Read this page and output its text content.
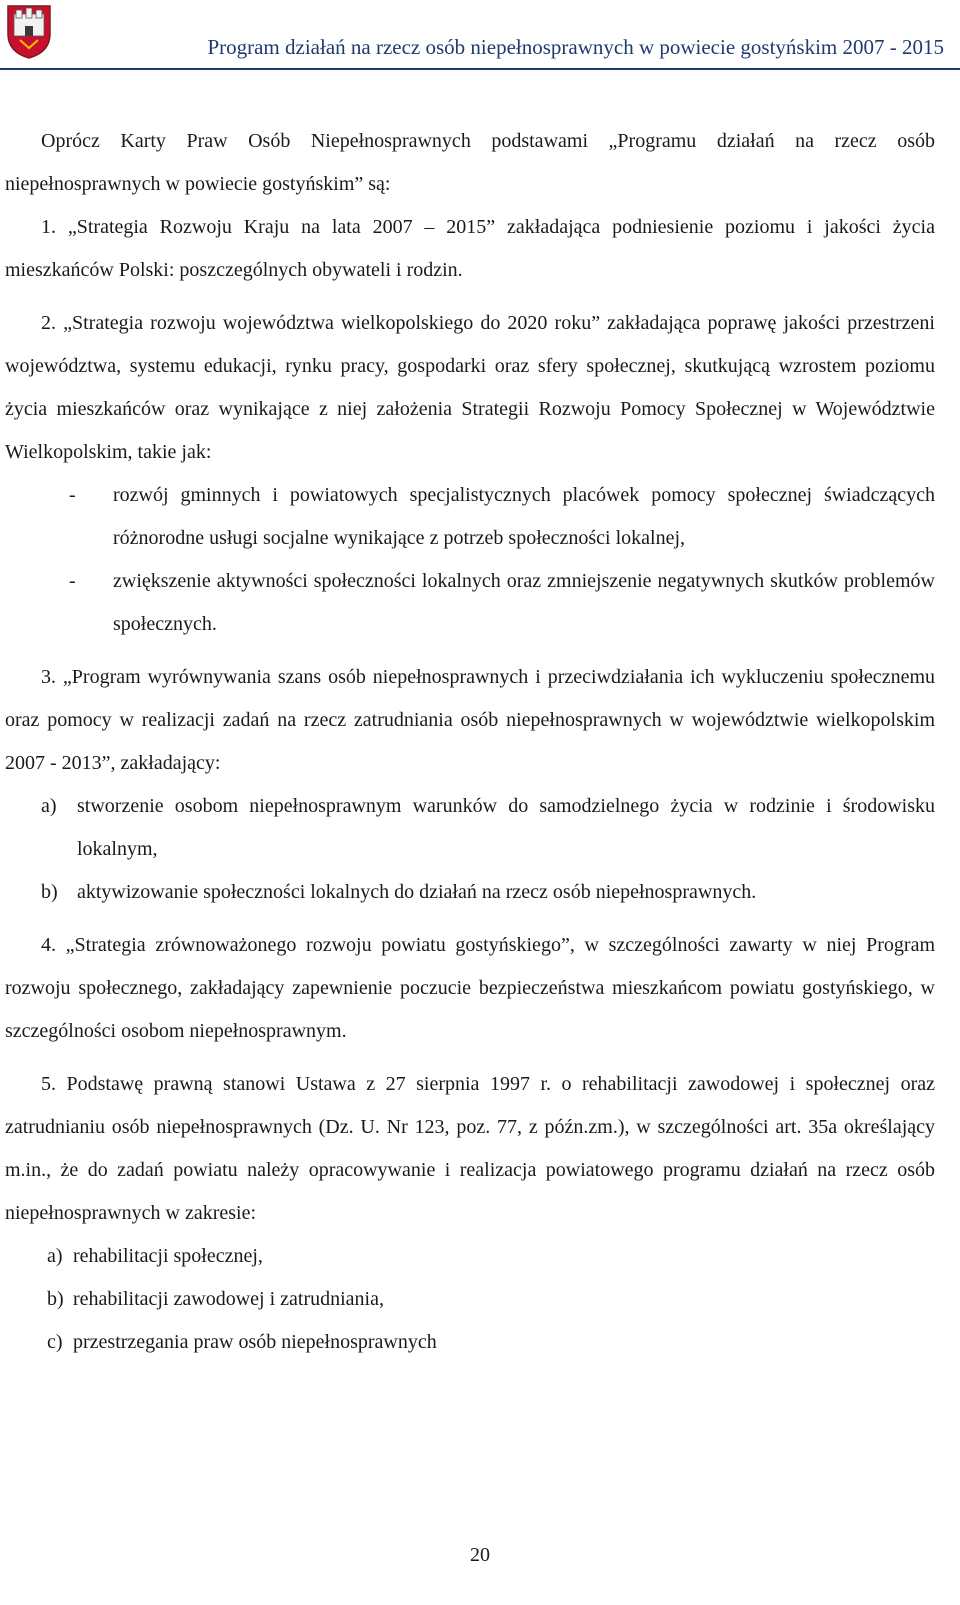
Program działań na rzecz osób niepełnosprawnych w powiecie gostyńskim 2007 - 2015

Oprócz Karty Praw Osób Niepełnosprawnych podstawami „Programu działań na rzecz osób niepełnosprawnych w powiecie gostyńskim” są:

1. „Strategia Rozwoju Kraju na lata 2007 – 2015” zakładająca podniesienie poziomu i jakości życia mieszkańców Polski: poszczególnych obywateli i rodzin.

2. „Strategia rozwoju województwa wielkopolskiego do 2020 roku” zakładająca poprawę jakości przestrzeni województwa, systemu edukacji, rynku pracy, gospodarki oraz sfery społecznej, skutkującą wzrostem poziomu życia mieszkańców oraz wynikające z niej założenia Strategii Rozwoju Pomocy Społecznej w Województwie Wielkopolskim, takie jak:

- rozwój gminnych i powiatowych specjalistycznych placówek pomocy społecznej świadczących różnorodne usługi socjalne wynikające z potrzeb społeczności lokalnej,
- zwiększenie aktywności społeczności lokalnych oraz zmniejszenie negatywnych skutków problemów społecznych.

3. „Program wyrównywania szans osób niepełnosprawnych i przeciwdziałania ich wykluczeniu społecznemu oraz pomocy w realizacji zadań na rzecz zatrudniania osób niepełnosprawnych w województwie wielkopolskim 2007 - 2013”, zakładający:

a) stworzenie osobom niepełnosprawnym warunków do samodzielnego życia w rodzinie i środowisku lokalnym,
b) aktywizowanie społeczności lokalnych do działań na rzecz osób niepełnosprawnych.

4. „Strategia zrównoważonego rozwoju powiatu gostyńskiego”, w szczególności zawarty w niej Program rozwoju społecznego, zakładający zapewnienie poczucie bezpieczeństwa mieszkańcom powiatu gostyńskiego, w szczególności osobom niepełnosprawnym.

5. Podstawę prawną stanowi Ustawa z 27 sierpnia 1997 r. o rehabilitacji zawodowej i społecznej oraz zatrudnianiu osób niepełnosprawnych (Dz. U. Nr 123, poz. 77, z późn.zm.), w szczególności art. 35a określający m.in., że do zadań powiatu należy opracowywanie i realizacja powiatowego programu działań na rzecz osób niepełnosprawnych w zakresie:

a) rehabilitacji społecznej,
b) rehabilitacji zawodowej i zatrudniania,
c) przestrzegania praw osób niepełnosprawnych
20
